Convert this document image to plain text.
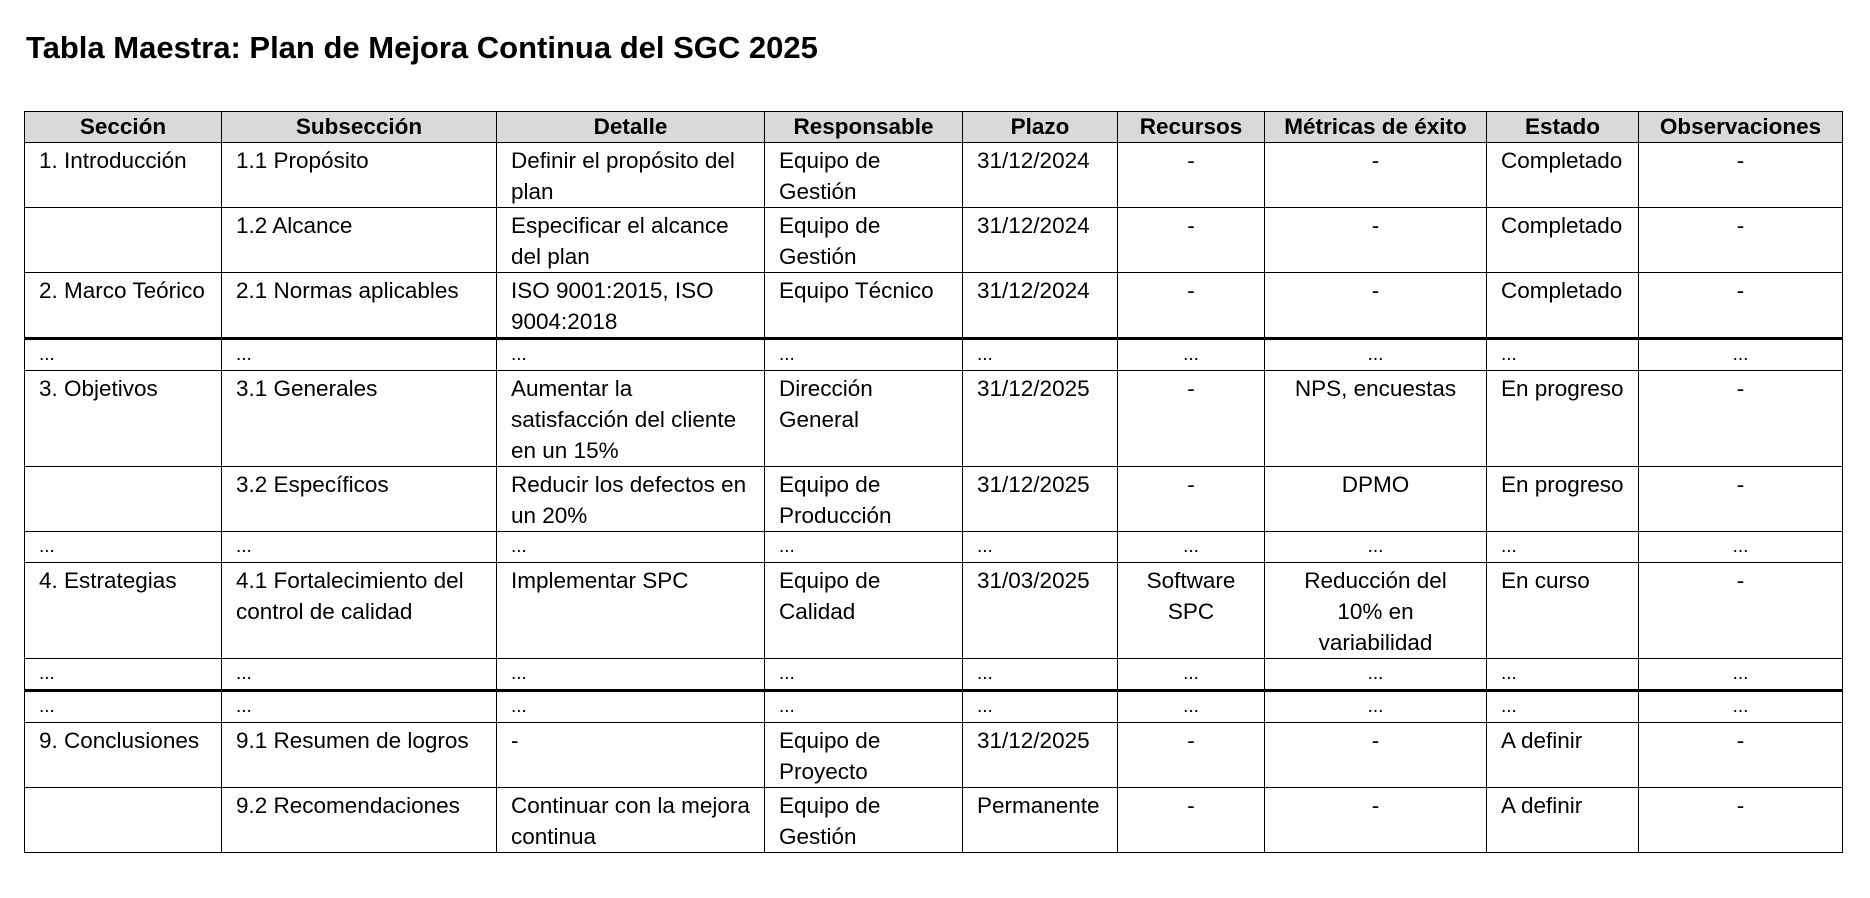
Tabla Maestra: Plan de Mejora Continua del SGC 2025
Sección	Subsección	Detalle	Responsable	Plazo	Recursos	Métricas de éxito	Estado	Observaciones
1. Introducción	1.1 Propósito	Definir el propósito del plan	Equipo de Gestión	31/12/2024	-	-	Completado	-
	1.2 Alcance	Especificar el alcance del plan	Equipo de Gestión	31/12/2024	-	-	Completado	-
2. Marco Teórico	2.1 Normas aplicables	ISO 9001:2015, ISO 9004:2018	Equipo Técnico	31/12/2024	-	-	Completado	-
...	...	...	...	...	...	...	...	...
3. Objetivos	3.1 Generales	Aumentar la satisfacción del cliente en un 15%	Dirección General	31/12/2025	-	NPS, encuestas	En progreso	-
	3.2 Específicos	Reducir los defectos en un 20%	Equipo de Producción	31/12/2025	-	DPMO	En progreso	-
...	...	...	...	...	...	...	...	...
4. Estrategias	4.1 Fortalecimiento del control de calidad	Implementar SPC	Equipo de Calidad	31/03/2025	Software SPC	Reducción del 10% en variabilidad	En curso	-
...	...	...	...	...	...	...	...	...
...	...	...	...	...	...	...	...	...
9. Conclusiones	9.1 Resumen de logros	-	Equipo de Proyecto	31/12/2025	-	-	A definir	-
	9.2 Recomendaciones	Continuar con la mejora continua	Equipo de Gestión	Permanente	-	-	A definir	-
